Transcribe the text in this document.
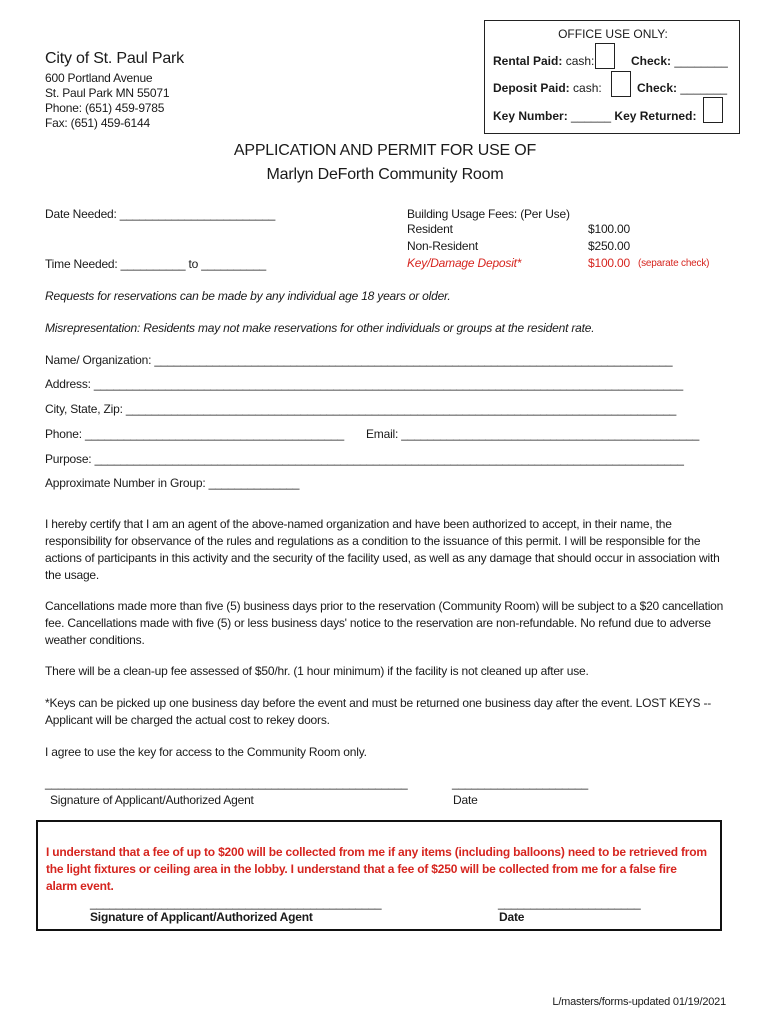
OFFICE USE ONLY:
Rental Paid: cash:	Check: ________
Deposit Paid: cash:	Check: _______
Key Number: ______ Key Returned:
City of St. Paul Park
600 Portland Avenue
St. Paul Park MN 55071
Phone: (651) 459-9785
Fax: (651) 459-6144
APPLICATION AND PERMIT FOR USE OF
Marlyn DeForth Community Room
Date Needed: ________________________
Time Needed: __________ to __________
Building Usage Fees: (Per Use)
Resident	$100.00
Non-Resident	$250.00
Key/Damage Deposit*	$100.00 (separate check)
Requests for reservations can be made by any individual age 18 years or older.
Misrepresentation: Residents may not make reservations for other individuals or groups at the resident rate.
Name/ Organization: ________________________________________________________________________________
Address: ___________________________________________________________________________________________
City, State, Zip: _____________________________________________________________________________________
Phone: ________________________________________ Email: ______________________________________________
Purpose: ___________________________________________________________________________________________
Approximate Number in Group: ______________
I hereby certify that I am an agent of the above-named organization and have been authorized to accept, in their name, the responsibility for observance of the rules and regulations as a condition to the issuance of this permit. I will be responsible for the actions of participants in this activity and the security of the facility used, as well as any damage that should occur in association with the usage.
Cancellations made more than five (5) business days prior to the reservation (Community Room) will be subject to a $20 cancellation fee. Cancellations made with five (5) or less business days' notice to the reservation are non-refundable. No refund due to adverse weather conditions.
There will be a clean-up fee assessed of $50/hr. (1 hour minimum) if the facility is not cleaned up after use.
*Keys can be picked up one business day before the event and must be returned one business day after the event. LOST KEYS -- Applicant will be charged the actual cost to rekey doors.
I agree to use the key for access to the Community Room only.
________________________________________________________	_____________________
Signature of Applicant/Authorized Agent	Date
I understand that a fee of up to $200 will be collected from me if any items (including balloons) need to be retrieved from the light fixtures or ceiling area in the lobby. I understand that a fee of $250 will be collected from me for a false fire alarm event.
_____________________________________________	______________________
Signature of Applicant/Authorized Agent	Date
L/masters/forms-updated 01/19/2021
